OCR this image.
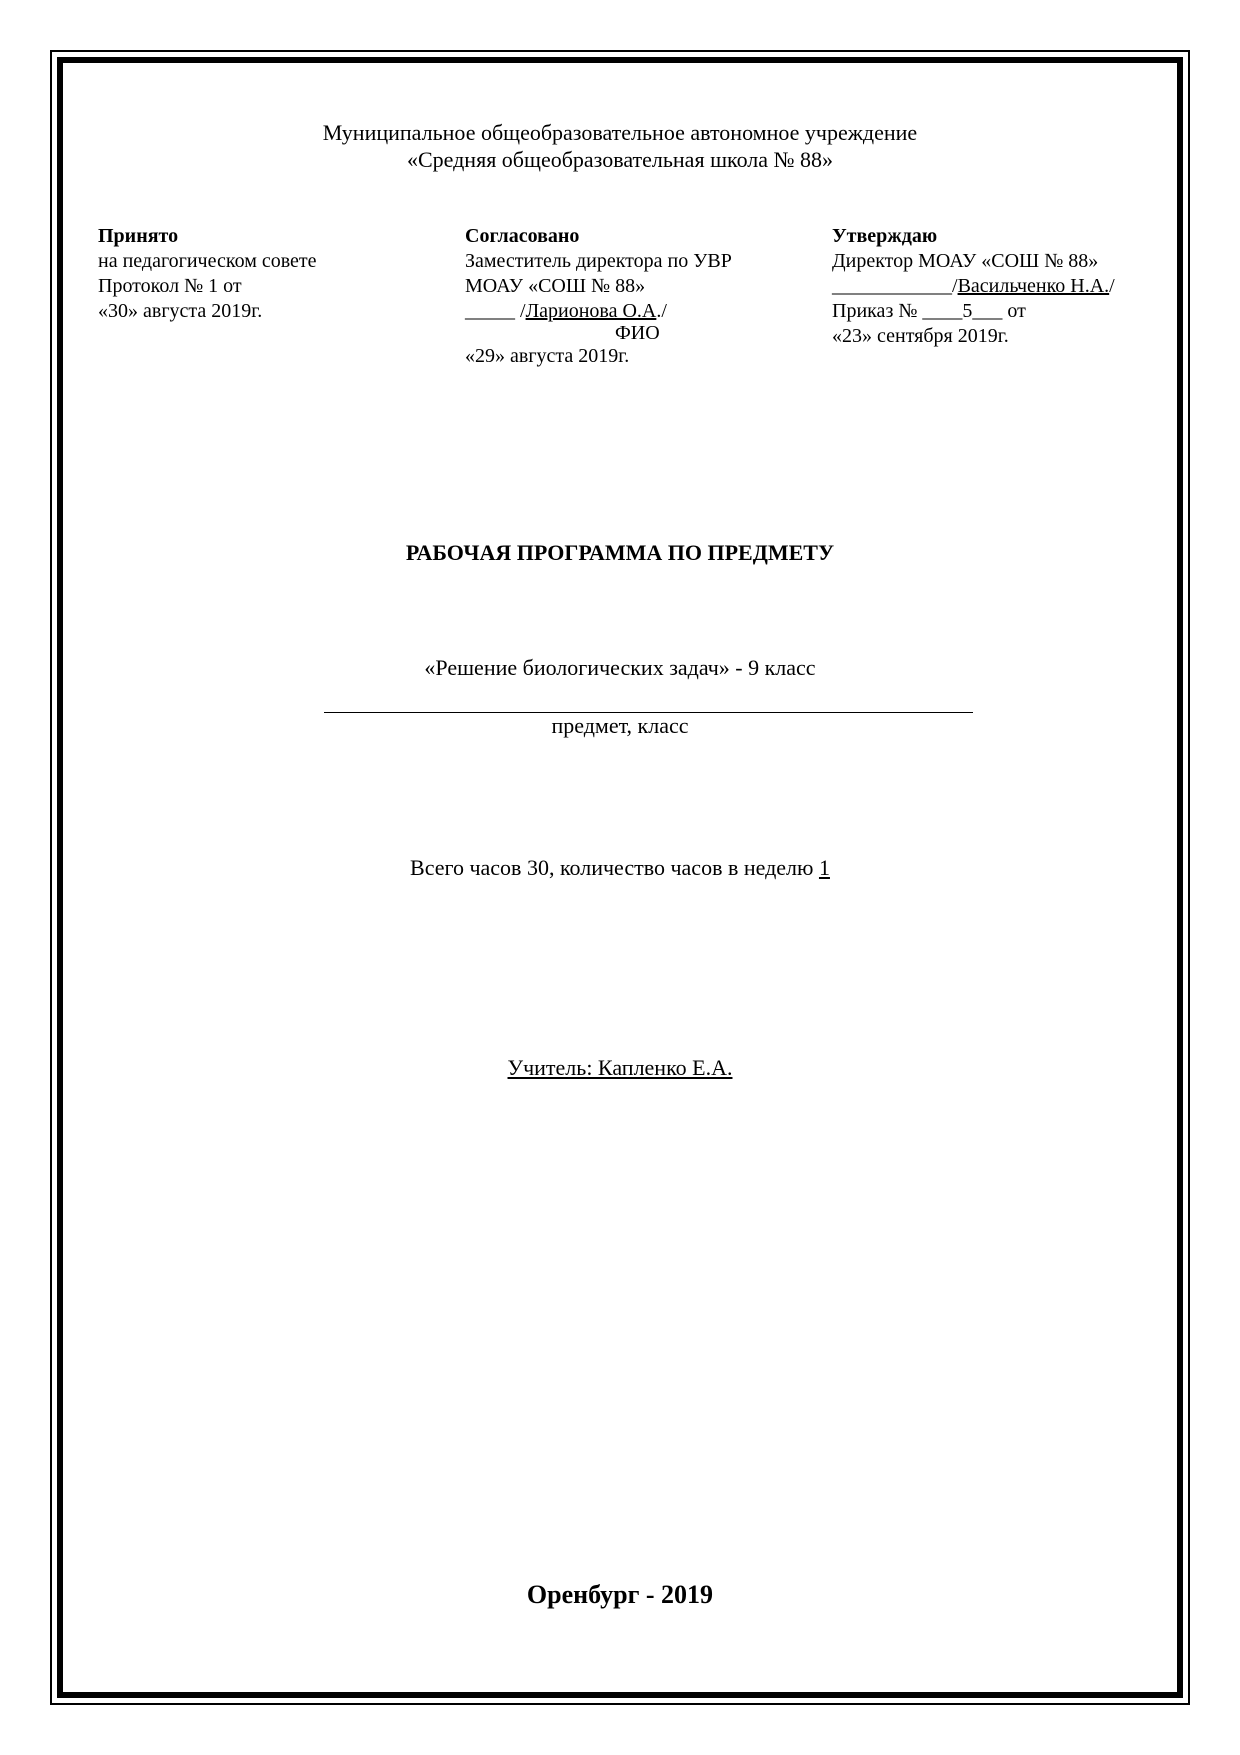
Муниципальное общеобразовательное автономное учреждение
«Средняя общеобразовательная школа № 88»
Принято
на педагогическом совете
Протокол № 1 от
«30» августа 2019г.
Согласовано
Заместитель директора по УВР
МОАУ «СОШ № 88»
_____ /Ларионова О.А./
ФИО
«29» августа 2019г.
Утверждаю
Директор МОАУ «СОШ № 88»
____________/Васильченко Н.А./
Приказ № ____5___ от
«23» сентября 2019г.
РАБОЧАЯ ПРОГРАММА ПО ПРЕДМЕТУ
«Решение биологических задач» - 9 класс
предмет, класс
Всего часов 30, количество часов в неделю 1
Учитель: Капленко Е.А.
Оренбург - 2019
